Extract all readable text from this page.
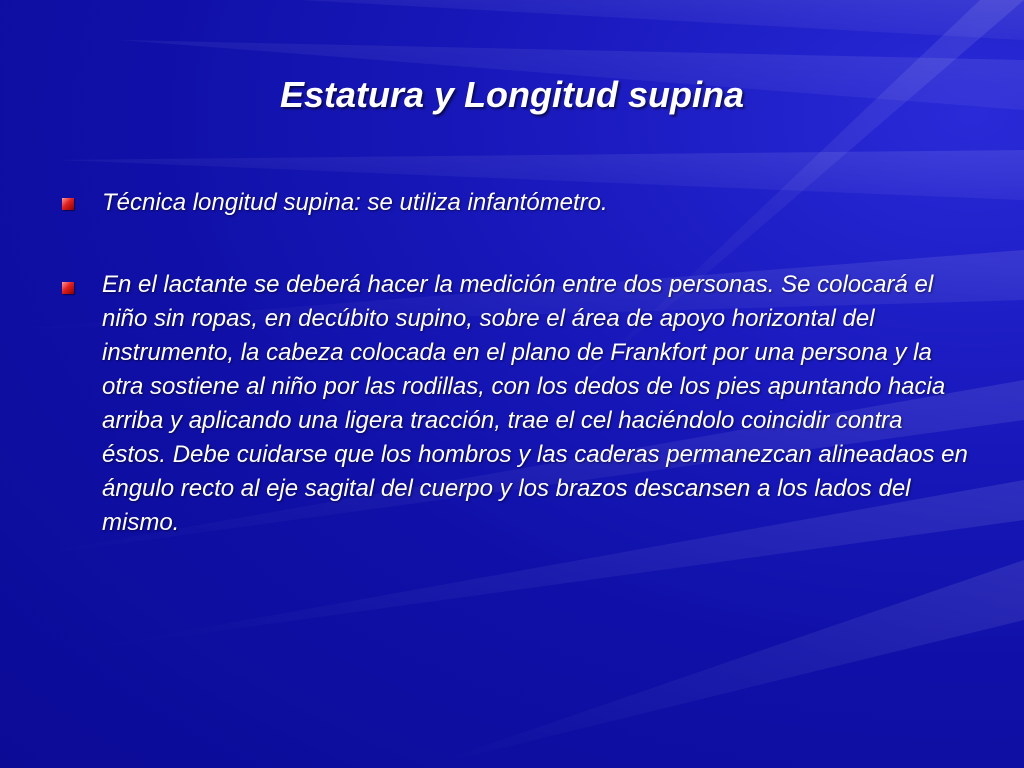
Estatura y Longitud supina
Técnica longitud supina: se utiliza infantómetro.
En el lactante se deberá hacer la medición entre dos personas. Se colocará el niño sin ropas, en decúbito supino, sobre el área de apoyo horizontal del instrumento, la cabeza colocada en el plano de Frankfort por una persona y la otra sostiene al niño por las rodillas, con los dedos de los pies apuntando hacia arriba y aplicando una ligera tracción, trae el cel haciéndolo coincidir contra éstos. Debe cuidarse que los hombros y las caderas permanezcan alineadaos en ángulo recto al eje sagital del cuerpo y los brazos descansen a los lados del mismo.
